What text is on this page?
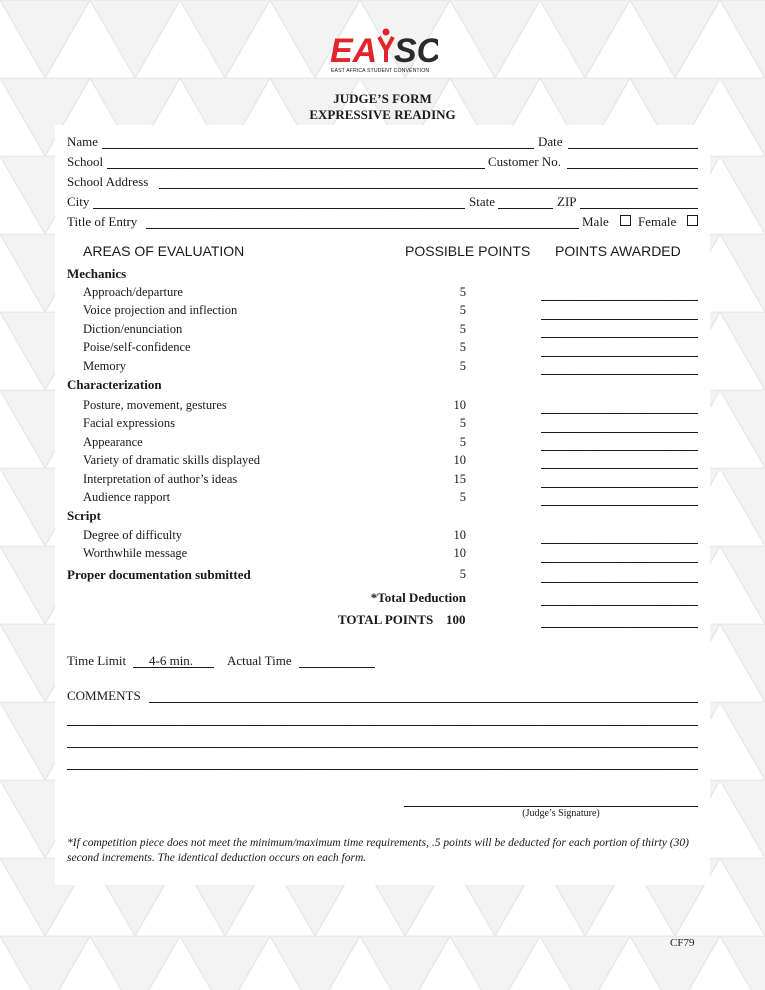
EA SC
EAST AFRICA STUDENT CONVENTION
JUDGE’S FORM
EXPRESSIVE READING
Name	Date
School	Customer No.
School Address
City	State	ZIP
Title of Entry	Male Female
AREAS OF EVALUATION	POSSIBLE POINTS POINTS AWARDED
Mechanics
Approach/departure	5
Voice projection and inflection	5
Diction/enunciation	5
Poise/self-confidence	5
Memory	5
Characterization
Posture, movement, gestures	10
Facial expressions	5
Appearance	5
Variety of dramatic skills displayed	10
Interpretation of author’s ideas	15
Audience rapport	5
Script
Degree of difficulty	10
Worthwhile message	10
Proper documentation submitted	5
*Total Deduction
TOTAL POINTS 100
Time Limit 4-6 min.	Actual Time
COMMENTS
(Judge’s Signature)
*If competition piece does not meet the minimum/maximum time requirements, .5 points will be deducted for each portion of thirty (30) second increments. The identical deduction occurs on each form.
CF79
